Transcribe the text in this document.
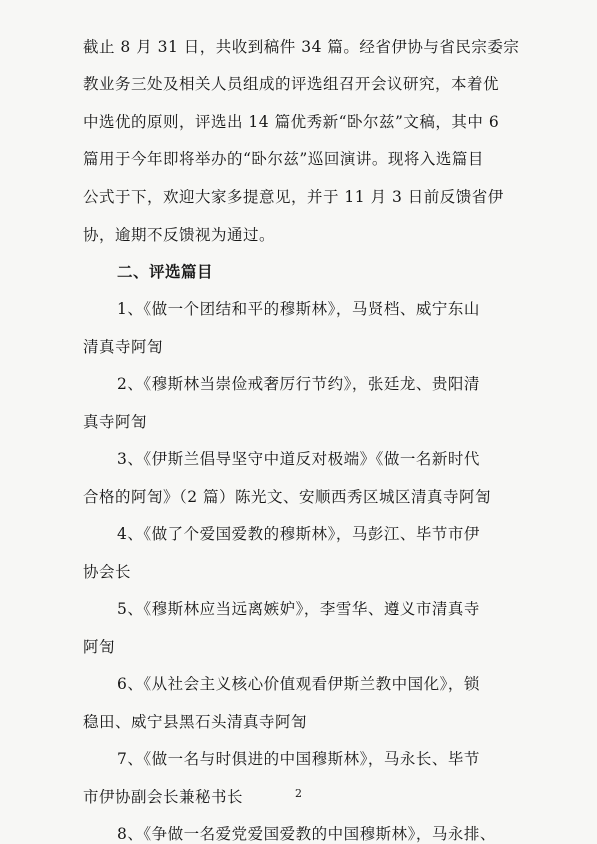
截止 8 月 31 日，共收到稿件 34 篇。经省伊协与省民宗委宗
教业务三处及相关人员组成的评选组召开会议研究，本着优
中选优的原则，评选出 14 篇优秀新“卧尔兹”文稿，其中 6
篇用于今年即将举办的“卧尔兹”巡回演讲。现将入选篇目
公式于下，欢迎大家多提意见，并于 11 月 3 日前反馈省伊
协，逾期不反馈视为通过。
二、评选篇目
2
1、《做一个团结和平的穆斯林》，马贤档、威宁东山
清真寺阿訇
2、《穆斯林当崇俭戒奢厉行节约》，张廷龙、贵阳清
真寺阿訇
3、《伊斯兰倡导坚守中道反对极端》《做一名新时代
合格的阿訇》（2 篇）陈光文、安顺西秀区城区清真寺阿訇
4、《做了个爱国爱教的穆斯林》，马彭江、毕节市伊
协会长
5、《穆斯林应当远离嫉妒》，李雪华、遵义市清真寺
阿訇
6、《从社会主义核心价值观看伊斯兰教中国化》，锁
稳田、威宁县黑石头清真寺阿訇
7、《做一名与时俱进的中国穆斯林》，马永长、毕节
市伊协副会长兼秘书长
8、《争做一名爱党爱国爱教的中国穆斯林》，马永排、
